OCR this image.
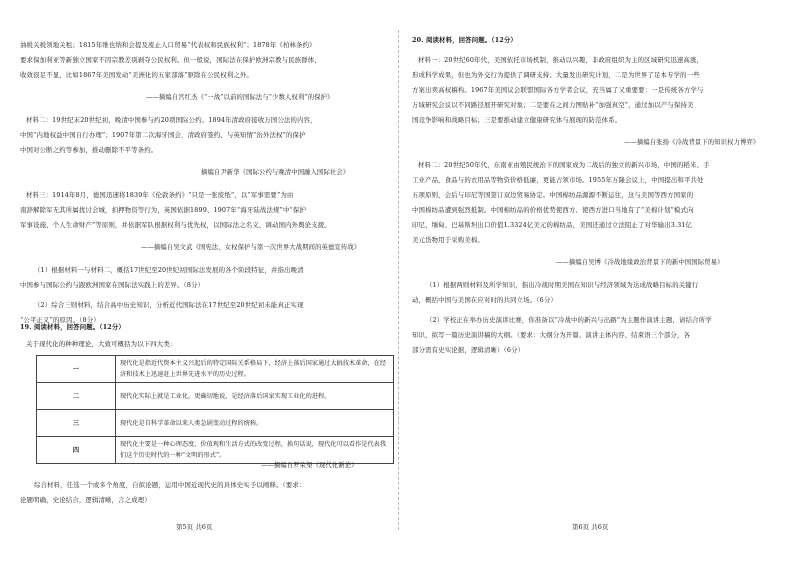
油税关税领地关租；1815年维也纳和会提及废止人口贸易“代表权和民族权利”；1878年《柏林条约》
要求保加利亚等新独立国家不因宗教差别剥夺公民权利。但一般说，国际法在保护欧洲宗教与民族群体，
收效很足不显，比如1867年美国发动“美洲化的五家部落”驱除在公民权利之外。
——摘编自宫红杰《“一战”以前的国际法与“少数人权利”的保护》
材料二：19世纪末20世纪初，晚清中国参与约20项国际公约。1894年清政府接收万国公法的内容，
中国“内地权益中国自行办理”；1907年第二次海牙国会，清政府签约、与英知情“治外法权”的保护
中国对公断之约等参加，推动删除不平等条约。
摘编自尹新华《国际公约与晚清中国融入国际社会》
材料三：1914年8月，德国迅速将1839年《伦敦条约》“只是一张废纸”，以“军事需要”为由
南辞解除军无其所属扰讨会城，扣押物资等行为，英国依据1899、1907年“海牙陆战法规”中“保护
军事设施、个人生命财产”等原则，并依据军队根据权利与优先权，以国际法之名义，调动国内外舆论支援。
——摘编自吴文武《国宪法、女权保护与第一次世界大战期间的英德宣传战》
（1）根据材料一与材料二，概括17世纪至20世纪初国际法发展的各个阶段特征，并指出晚清
中国参与国际公约与跟欧洲国家在国际法实践上的差异。（8分）
（2）综合三则材料，结合高中历史知识，分析近代国际法在17世纪至20世纪初未能真正实现
“公平正义”的原因。（8分）
19. 阅读材料，回答问题。（12分）
关于现代化的种种理论，大致可概括为以下四大类：
一	现代化是指近代资本主义兴起后的特定国际关系格局下，经济上落后国家通过大搞技术革命，在经济和技术上迅速赶上世界先进水平的历史过程。
二	现代化实际上就是工业化，更确切地说，是经济落后国家实现工业化的进程。
三	现代化是自科学革命以来人类急剧变动过程的统称。
四	现代化主要是一种心理态度、价值观和生活方式的改变过程，换句话说，现代化可以看作是代表我们这个历史时代的一种“文明的形式”。
——摘编自罗荣渠《现代化新论》
综合材料，任选一个或多个角度，自拟论题，运用中国近现代史的具体史实予以阐释。（要求：
论题明确，史论结合，逻辑清晰，言之成理）
第5页 共6页
20. 阅读材料，回答问题。（12分）
材料一：20世纪60年代，美国依托市场机制，推动以兴趣、非政府组织为主的区域研究迅速高涨，
形成科学成果，但也为外交行为提供了调研支持；大量发出研究计划，二是为世界了足本专学的一些
方案出卖高权稿构。1967年美国议会联盟国际各方学者会议，充当属了又重要要：一是传统各方学与
万域研究会议以不同路径展开研究对象；二是要在之间力图贴补“加强真空”，通过加以产与保持美
国竞争影响和战略目标；三是要推动建立健康研究体与展现的防范体系。
——摘编自张扬《冷战背景下的知识权力博弈》
材料二：20世纪50年代，东南亚由殖民统治下的国家成为二战后的独立的新兴市场，中国的稻米、手
工业产品，食品与的衣用品等物资价格低廉，更能占领市场。1955年万隆会议上，中国提出和平共处
五项原则，会后与印尼等国签订双边贸易协定。中国棉纺品源源不断运往，这与美国等西方国家的
中国棉纺品遭到强烈抵制。中国棉纺品的价格优势使西方、使西方进口当地有了“美棉计划”模式向
印尼、缅甸、巴基斯坦出口价值1.3324亿美元的棉纺品，美国还通过立法阻止了对华输出3.31亿
美元货物用于采购美棉。
——摘编自吴博《冷战地缘政治背景下的新中国国际贸易》
（1）根据两则材料及所学知识，指出冷战时期美国在知识与经济领域为达成战略目标的关键行
动，概括中国与美国在应对时的共同立场。（6分）
（2）学校正在举办历史演讲比赛，你准备以“冷战中的新兴与出路”为主题作演讲主题，请结合所学
知识，拟写一篇历史演讲稿的大纲。（要求：大纲分为开篇、演讲主体内容、结束语三个部分，各
部分需有史实论据，逻辑清晰）（6分）
第6页 共6页
